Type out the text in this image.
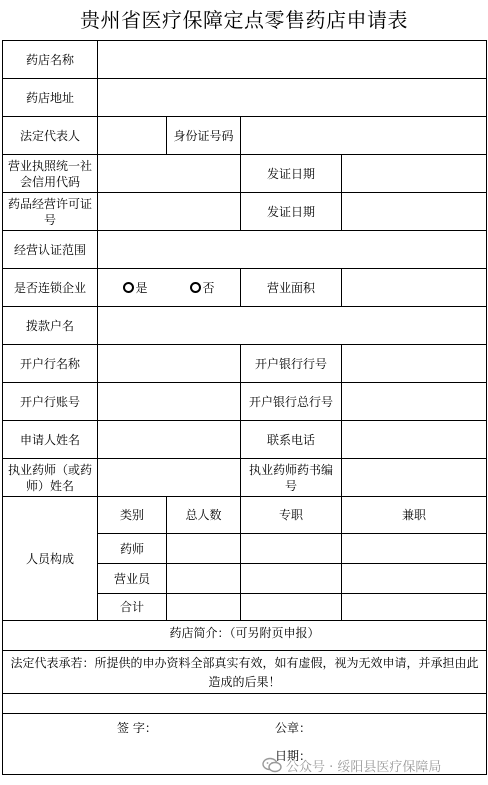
贵州省医疗保障定点零售药店申请表
药店名称				
药店地址				
法定代表人		身份证号码		
营业执照统一社会信用代码			发证日期	
药品经营许可证号			发证日期	
经营认证范围				
是否连锁企业	是 否		营业面积	
拨款户名				
开户行名称			开户银行行号	
开户行账号			开户银行总行号	
申请人姓名			联系电话	
执业药师（或药师）姓名			执业药师药书编号	
人员构成	类别	总人数	专职	兼职
	药师			
	营业员			
	合计			
药店简介：（可另附页申报）				
法定代表承若：所提供的申办资料全部真实有效，如有虚假，视为无效申请，并承担由此造成的后果！				

签 字： 公章：
日期：				
公众号 · 绥阳县医疗保障局
